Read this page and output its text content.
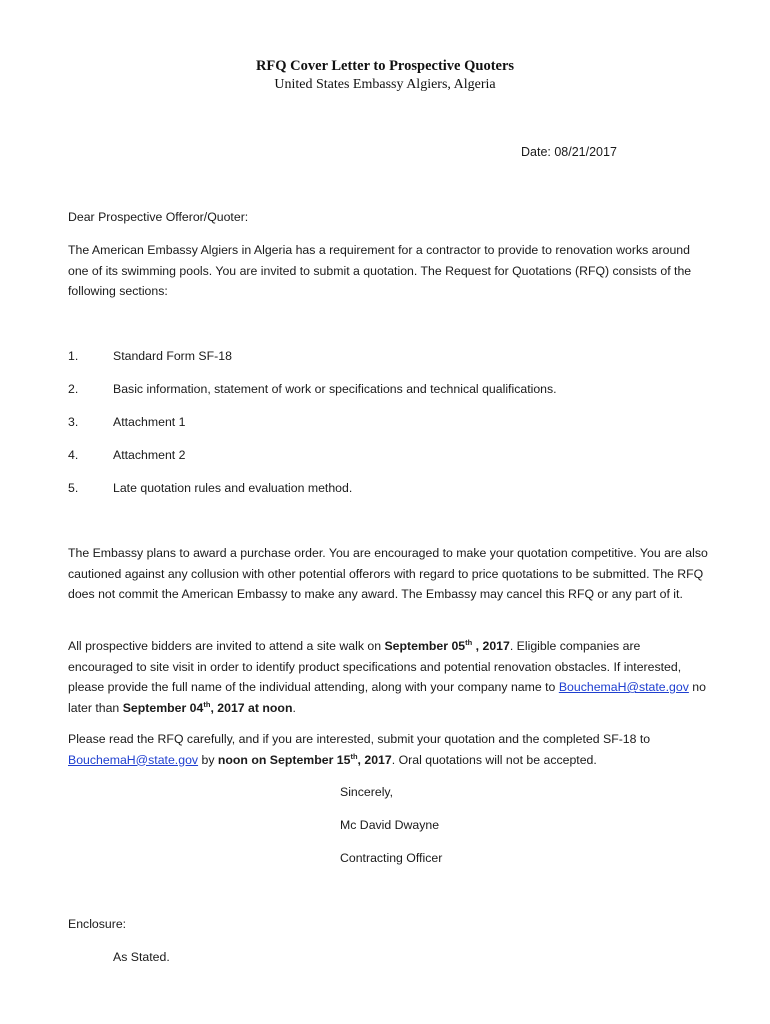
RFQ Cover Letter to Prospective Quoters
United States Embassy Algiers, Algeria
Date: 08/21/2017
Dear Prospective Offeror/Quoter:
The American Embassy Algiers in Algeria has a requirement for a contractor to provide to renovation works around one of its swimming pools. You are invited to submit a quotation. The Request for Quotations (RFQ) consists of the following sections:
1.	Standard Form SF-18
2.	Basic information, statement of work or specifications and technical qualifications.
3.	Attachment 1
4.	Attachment 2
5.	Late quotation rules and evaluation method.
The Embassy plans to award a purchase order. You are encouraged to make your quotation competitive. You are also cautioned against any collusion with other potential offerors with regard to price quotations to be submitted. The RFQ does not commit the American Embassy to make any award. The Embassy may cancel this RFQ or any part of it.
All prospective bidders are invited to attend a site walk on September 05th , 2017. Eligible companies are encouraged to site visit in order to identify product specifications and potential renovation obstacles. If interested, please provide the full name of the individual attending, along with your company name to BouchemaH@state.gov no later than September 04th, 2017 at noon.
Please read the RFQ carefully, and if you are interested, submit your quotation and the completed SF-18 to BouchemaH@state.gov by noon on September 15th, 2017. Oral quotations will not be accepted.
Sincerely,
Mc David Dwayne
Contracting Officer
Enclosure:
As Stated.
